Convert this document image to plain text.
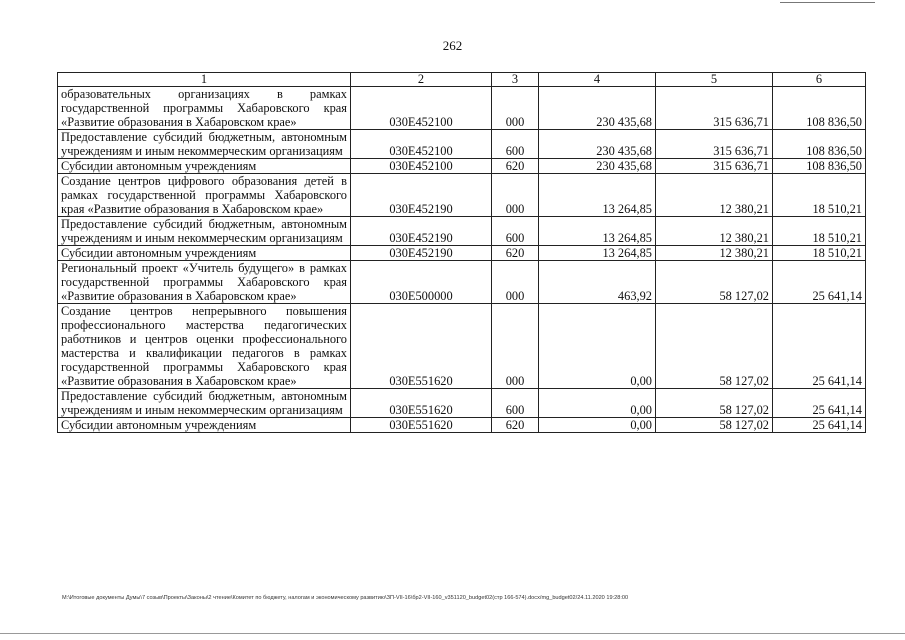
262
1	2	3	4	5	6
образовательных организациях в рамках государственной программы Хабаровского края «Развитие образования в Хабаровском крае»	030E452100	000	230 435,68	315 636,71	108 836,50
Предоставление субсидий бюджетным, автономным учреждениям и иным некоммерческим организациям	030E452100	600	230 435,68	315 636,71	108 836,50
Субсидии автономным учреждениям	030E452100	620	230 435,68	315 636,71	108 836,50
Создание центров цифрового образования детей в рамках государственной программы Хабаровского края «Развитие образования в Хабаровском крае»	030E452190	000	13 264,85	12 380,21	18 510,21
Предоставление субсидий бюджетным, автономным учреждениям и иным некоммерческим организациям	030E452190	600	13 264,85	12 380,21	18 510,21
Субсидии автономным учреждениям	030E452190	620	13 264,85	12 380,21	18 510,21
Региональный проект «Учитель будущего» в рамках государственной программы Хабаровского края «Развитие образования в Хабаровском крае»	030E500000	000	463,92	58 127,02	25 641,14
Создание центров непрерывного повышения профессионального мастерства педагогических работников и центров оценки профессионального мастерства и квалификации педагогов в рамках государственной программы Хабаровского края «Развитие образования в Хабаровском крае»	030E551620	000	0,00	58 127,02	25 641,14
Предоставление субсидий бюджетным, автономным учреждениям и иным некоммерческим организациям	030E551620	600	0,00	58 127,02	25 641,14
Субсидии автономным учреждениям	030E551620	620	0,00	58 127,02	25 641,14
M:\Итоговые документы Думы\7 созыв\Проекты\Законы\2 чтение\Комитет по бюджету, налогам и экономическому развитию\ЗП-VII-16\бр2-VII-160_v351120_budget02(стр 166-574).docx/mg_budget02/24.11.2020 19:28:00
